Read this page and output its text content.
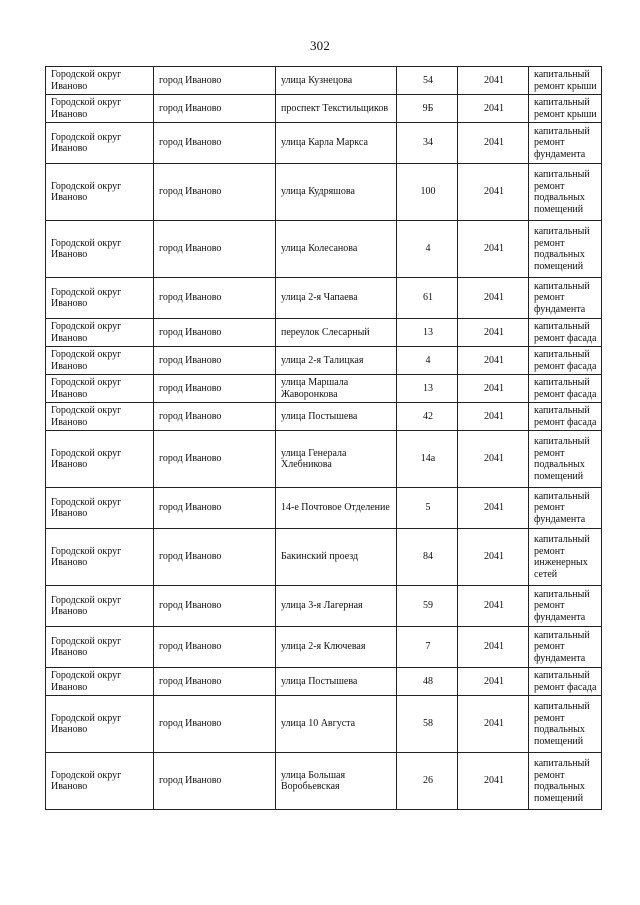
302
Городской округ Иваново	город Иваново	улица Кузнецова	54	2041	капитальный ремонт крыши
Городской округ Иваново	город Иваново	проспект Текстильщиков	9Б	2041	капитальный ремонт крыши
Городской округ Иваново	город Иваново	улица Карла Маркса	34	2041	капитальный ремонт фундамента
Городской округ Иваново	город Иваново	улица Кудряшова	100	2041	капитальный ремонт подвальных помещений
Городской округ Иваново	город Иваново	улица Колесанова	4	2041	капитальный ремонт подвальных помещений
Городской округ Иваново	город Иваново	улица 2-я Чапаева	61	2041	капитальный ремонт фундамента
Городской округ Иваново	город Иваново	переулок Слесарный	13	2041	капитальный ремонт фасада
Городской округ Иваново	город Иваново	улица 2-я Талицкая	4	2041	капитальный ремонт фасада
Городской округ Иваново	город Иваново	улица Маршала Жаворонкова	13	2041	капитальный ремонт фасада
Городской округ Иваново	город Иваново	улица Постышева	42	2041	капитальный ремонт фасада
Городской округ Иваново	город Иваново	улица Генерала Хлебникова	14а	2041	капитальный ремонт подвальных помещений
Городской округ Иваново	город Иваново	14-е Почтовое Отделение	5	2041	капитальный ремонт фундамента
Городской округ Иваново	город Иваново	Бакинский проезд	84	2041	капитальный ремонт инженерных сетей
Городской округ Иваново	город Иваново	улица 3-я Лагерная	59	2041	капитальный ремонт фундамента
Городской округ Иваново	город Иваново	улица 2-я Ключевая	7	2041	капитальный ремонт фундамента
Городской округ Иваново	город Иваново	улица Постышева	48	2041	капитальный ремонт фасада
Городской округ Иваново	город Иваново	улица 10 Августа	58	2041	капитальный ремонт подвальных помещений
Городской округ Иваново	город Иваново	улица Большая Воробьевская	26	2041	капитальный ремонт подвальных помещений
